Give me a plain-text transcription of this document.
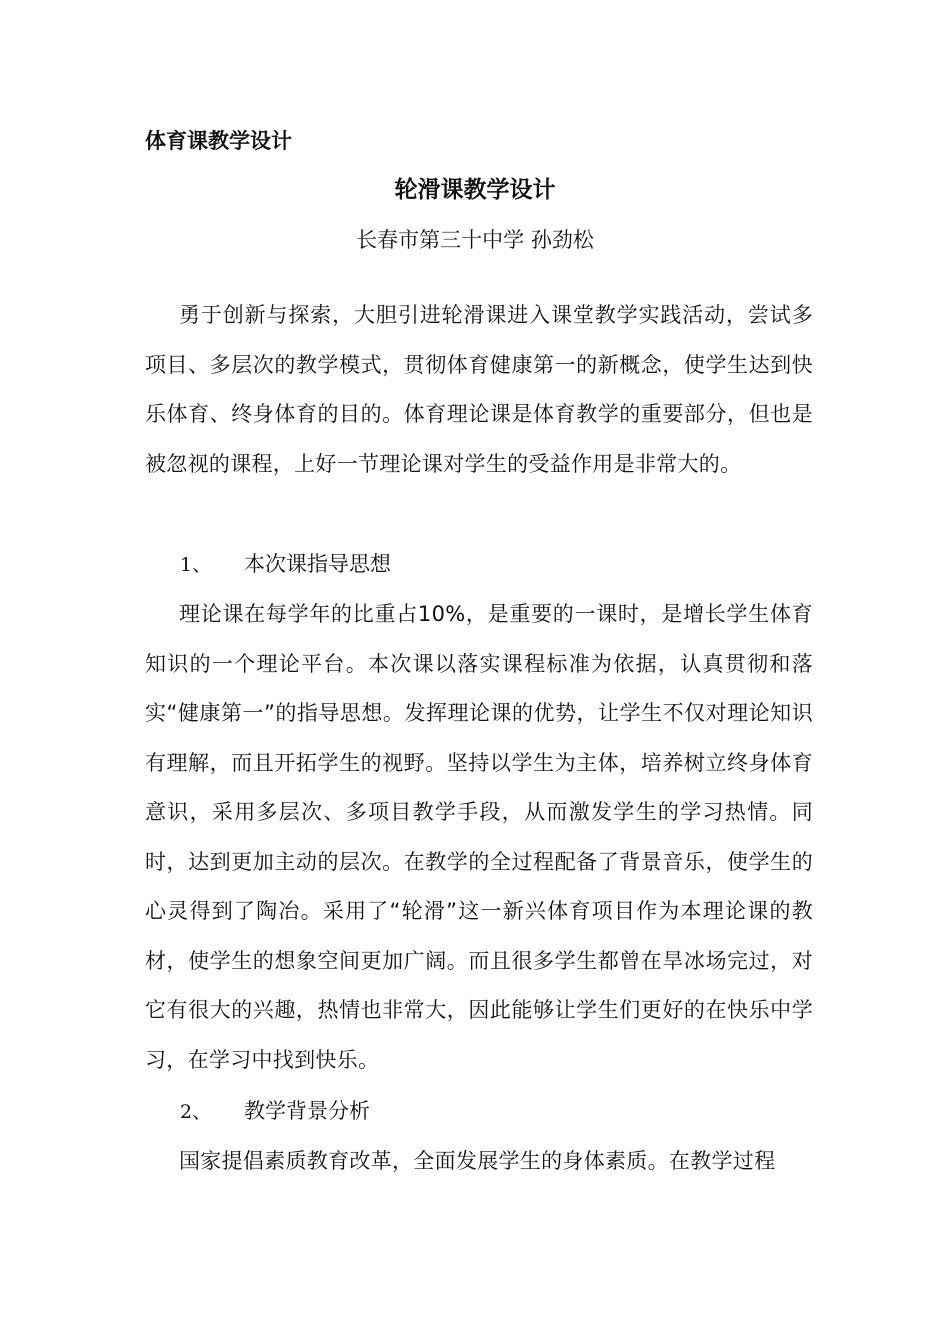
体育课教学设计

轮滑课教学设计

长春市第三十中学 孙劲松

勇于创新与探索，大胆引进轮滑课进入课堂教学实践活动，尝试多项目、多层次的教学模式，贯彻体育健康第一的新概念，使学生达到快乐体育、终身体育的目的。体育理论课是体育教学的重要部分，但也是被忽视的课程，上好一节理论课对学生的受益作用是非常大的。

1、 本次课指导思想

理论课在每学年的比重占10%，是重要的一课时，是增长学生体育知识的一个理论平台。本次课以落实课程标准为依据，认真贯彻和落实“健康第一”的指导思想。发挥理论课的优势，让学生不仅对理论知识有理解，而且开拓学生的视野。坚持以学生为主体，培养树立终身体育意识，采用多层次、多项目教学手段，从而激发学生的学习热情。同时，达到更加主动的层次。在教学的全过程配备了背景音乐，使学生的心灵得到了陶冶。采用了“轮滑”这一新兴体育项目作为本理论课的教材，使学生的想象空间更加广阔。而且很多学生都曾在旱冰场完过，对它有很大的兴趣，热情也非常大，因此能够让学生们更好的在快乐中学习，在学习中找到快乐。

2、 教学背景分析

国家提倡素质教育改革，全面发展学生的身体素质。在教学过程
